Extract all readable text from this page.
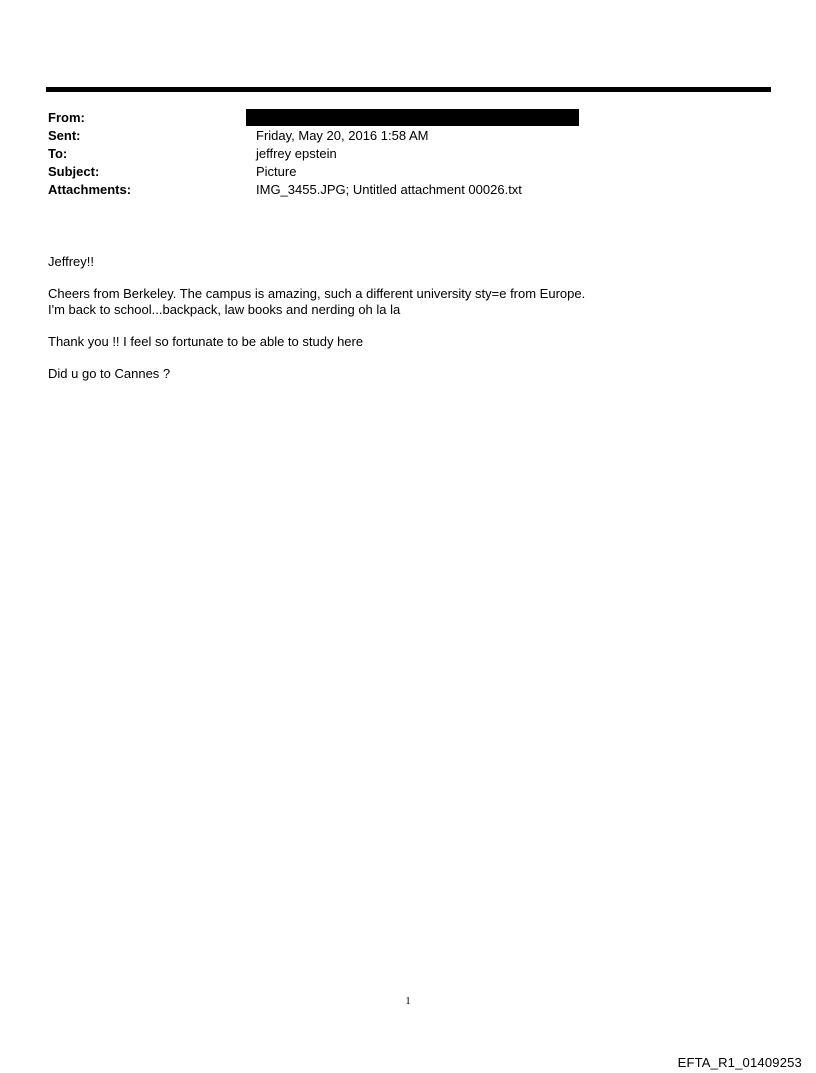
From:
Sent:	Friday, May 20, 2016 1:58 AM
To:	jeffrey epstein
Subject:	Picture
Attachments:	IMG_3455.JPG; Untitled attachment 00026.txt

Jeffrey!!

Cheers from Berkeley. The campus is amazing, such a different university sty=e from Europe.
I'm back to school...backpack, law books and nerding oh la la

Thank you !! I feel so fortunate to be able to study here

Did u go to Cannes ?

1
EFTA_R1_01409253
